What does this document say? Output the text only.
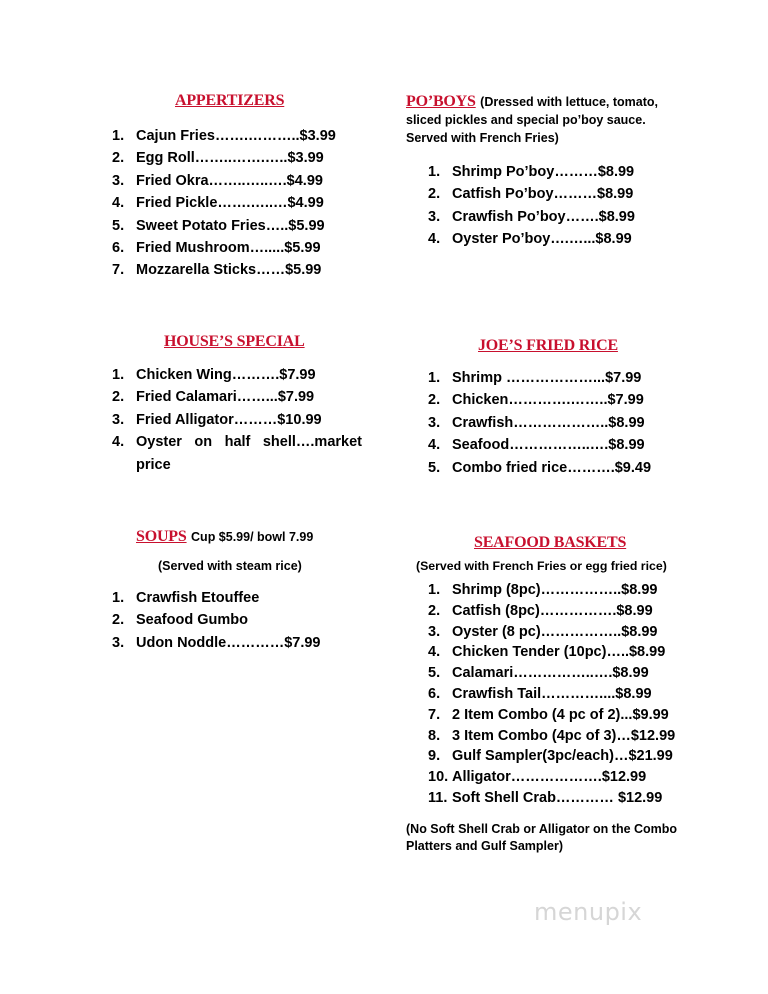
APPERTIZERS
1. Cajun Fries…….………..$3.99
2. Egg Roll……..…….…..$3.99
3. Fried Okra……..…..….$4.99
4. Fried Pickle…….…..…$4.99
5. Sweet Potato Fries…..$5.99
6. Fried Mushroom….....$5.99
7. Mozzarella Sticks……$5.99
PO’BOYS (Dressed with lettuce, tomato, sliced pickles and special po’boy sauce. Served with French Fries)
1. Shrimp Po’boy………$8.99
2. Catfish Po’boy………$8.99
3. Crawfish Po’boy…….$8.99
4. Oyster Po’boy….…...$8.99
HOUSE’S SPECIAL
1. Chicken Wing……….$7.99
2. Fried Calamari……...$7.99
3. Fried Alligator………$10.99
4. Oyster on half shell….market price
JOE’S FRIED RICE
1. Shrimp ………………...$7.99
2. Chicken………….……..$7.99
3. Crawfish………………..$8.99
4. Seafood……………..….$8.99
5. Combo fried rice……….$9.49
SOUPS Cup $5.99/ bowl 7.99
(Served with steam rice)
1. Crawfish Etouffee
2. Seafood Gumbo
3. Udon Noddle…………$7.99
SEAFOOD BASKETS
(Served with French Fries or egg fried rice)
1. Shrimp (8pc)……………..$8.99
2. Catfish (8pc)…………….$8.99
3. Oyster (8 pc)……………..$8.99
4. Chicken Tender (10pc)…..$8.99
5. Calamari……………..….$8.99
6. Crawfish Tail…………....$8.99
7. 2 Item Combo (4 pc of 2)...$9.99
8. 3 Item Combo (4pc of 3)…$12.99
9. Gulf Sampler(3pc/each)…$21.99
10. Alligator……………….$12.99
11. Soft Shell Crab………… $12.99
(No Soft Shell Crab or Alligator on the Combo Platters and Gulf Sampler)
menupix
